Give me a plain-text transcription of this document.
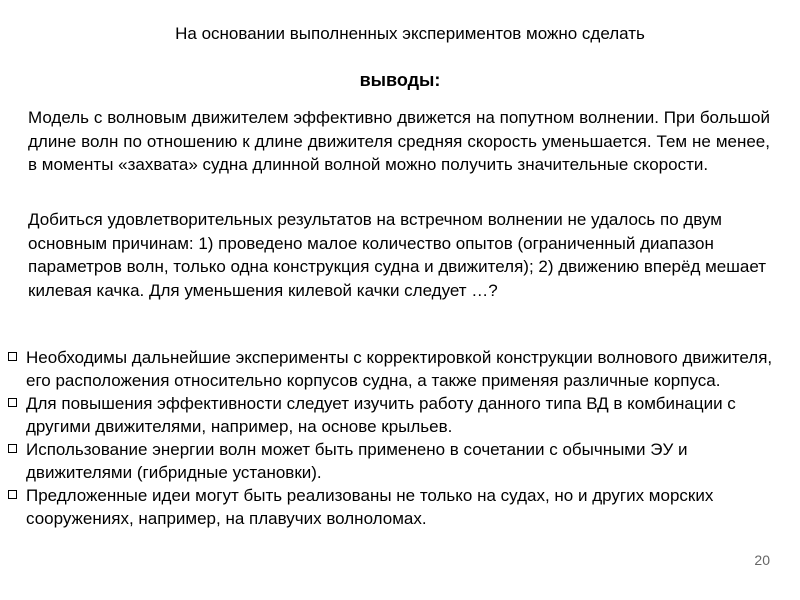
На основании выполненных экспериментов можно сделать
выводы:
Модель с волновым движителем эффективно движется на попутном волнении. При большой длине волн по отношению к длине движителя средняя скорость уменьшается. Тем не менее, в моменты «захвата» судна длинной волной можно получить значительные скорости.
Добиться удовлетворительных результатов на встречном волнении не удалось по двум основным причинам: 1) проведено малое количество опытов (ограниченный диапазон параметров волн, только одна конструкция судна и движителя); 2) движению вперёд мешает килевая качка. Для уменьшения килевой качки следует …?
Необходимы дальнейшие эксперименты с корректировкой конструкции волнового движителя, его расположения относительно корпусов судна, а также применяя различные корпуса.
Для повышения эффективности следует изучить работу данного типа ВД в комбинации с другими движителями, например, на основе крыльев.
Использование энергии волн может быть применено в сочетании с обычными ЭУ и движителями (гибридные установки).
Предложенные идеи могут быть реализованы не только на судах, но и других морских сооружениях, например, на плавучих волноломах.
20
